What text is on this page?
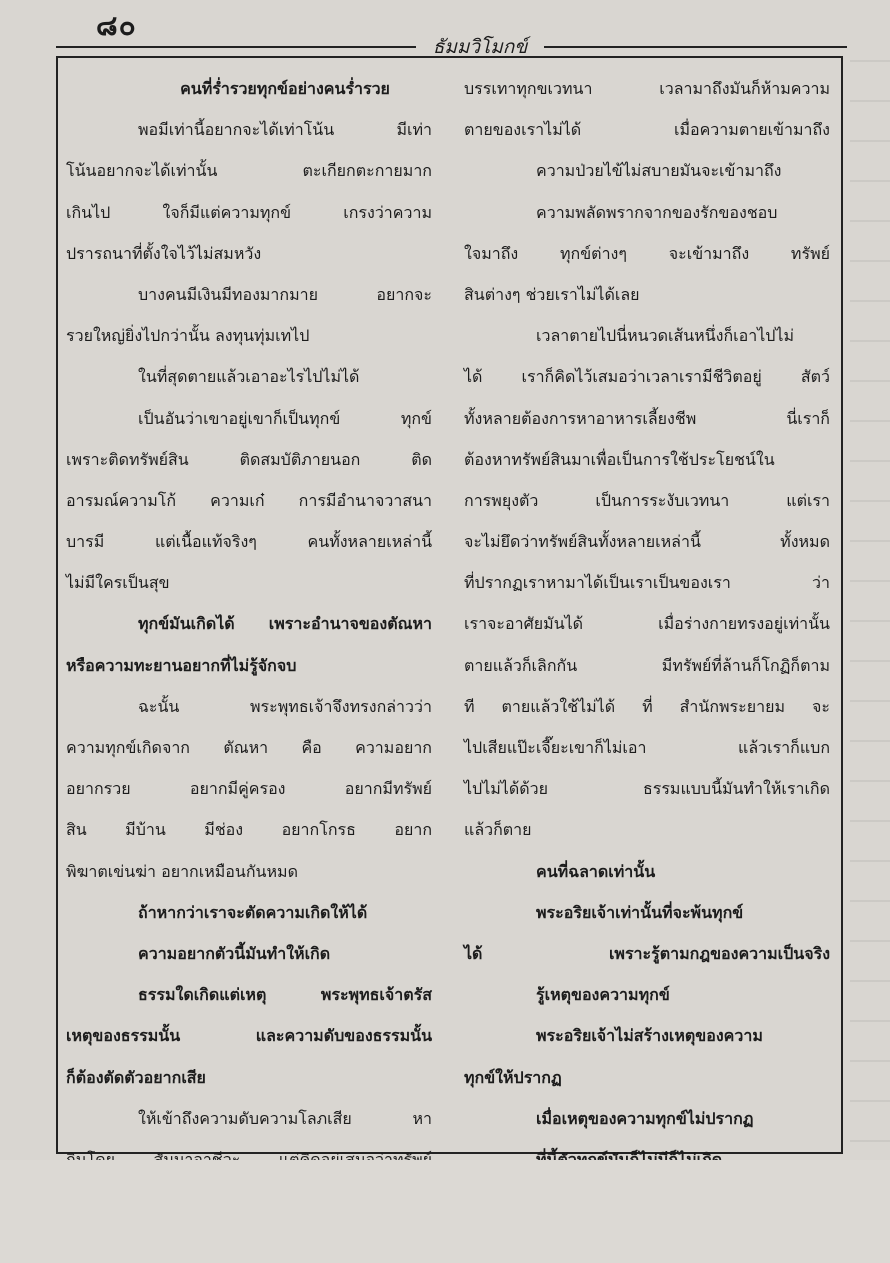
๘๐
ธัมมวิโมกข์
คนที่ร่ำรวยทุกข์อย่างคนร่ำรวย
พอมีเท่านี้อยากจะได้เท่าโน้น มีเท่า
โน้นอยากจะได้เท่านั้น ตะเกียกตะกายมาก
เกินไป ใจก็มีแต่ความทุกข์ เกรงว่าความ
ปรารถนาที่ตั้งใจไว้ไม่สมหวัง
บางคนมีเงินมีทองมากมาย อยากจะ
รวยใหญ่ยิ่งไปกว่านั้น ลงทุนทุ่มเทไป
ในที่สุดตายแล้วเอาอะไรไปไม่ได้
เป็นอันว่าเขาอยู่เขาก็เป็นทุกข์ ทุกข์
เพราะติดทรัพย์สิน ติดสมบัติภายนอก ติด
อารมณ์ความโก้ ความเก๋ การมีอำนาจวาสนา
บารมี แต่เนื้อแท้จริงๆ คนทั้งหลายเหล่านี้
ไม่มีใครเป็นสุข
ทุกข์มันเกิดได้ เพราะอำนาจของตัณหา
หรือความทะยานอยากที่ไม่รู้จักจบ
ฉะนั้น พระพุทธเจ้าจึงทรงกล่าวว่า
ความทุกข์เกิดจาก ตัณหา คือ ความอยาก
อยากรวย อยากมีคู่ครอง อยากมีทรัพย์
สิน มีบ้าน มีช่อง อยากโกรธ อยาก
พิฆาตเข่นฆ่า อยากเหมือนกันหมด
ถ้าหากว่าเราจะตัดความเกิดให้ได้
ความอยากตัวนี้มันทำให้เกิด
ธรรมใดเกิดแต่เหตุ พระพุทธเจ้าตรัส
เหตุของธรรมนั้น และความดับของธรรมนั้น
ก็ต้องตัดตัวอยากเสีย
ให้เข้าถึงความดับความโลภเสีย หา
บรรเทาทุกขเวทนา เวลามาถึงมันก็ห้ามความ
ตายของเราไม่ได้ เมื่อความตายเข้ามาถึง
ความป่วยไข้ไม่สบายมันจะเข้ามาถึง
ความพลัดพรากจากของรักของชอบ
ใจมาถึง ทุกข์ต่างๆ จะเข้ามาถึง ทรัพย์
สินต่างๆ ช่วยเราไม่ได้เลย
เวลาตายไปนี่หนวดเส้นหนึ่งก็เอาไปไม่
ได้ เราก็คิดไว้เสมอว่าเวลาเรามีชีวิตอยู่ สัตว์
ทั้งหลายต้องการหาอาหารเลี้ยงชีพ นี่เราก็
ต้องหาทรัพย์สินมาเพื่อเป็นการใช้ประโยชน์ใน
การพยุงตัว เป็นการระงับเวทนา แต่เรา
จะไม่ยึดว่าทรัพย์สินทั้งหลายเหล่านี้ ทั้งหมด
ที่ปรากฏเราหามาได้เป็นเราเป็นของเรา ว่า
เราจะอาศัยมันได้ เมื่อร่างกายทรงอยู่เท่านั้น
ตายแล้วก็เลิกกัน มีทรัพย์ที่ล้านก็โกฏิก็ตาม
ที ตายแล้วใช้ไม่ได้ ที่ สำนักพระยายม จะ
ไปเสียแป๊ะเจี๊ยะเขาก็ไม่เอา แล้วเราก็แบก
ไปไม่ได้ด้วย ธรรมแบบนี้มันทำให้เราเกิด
แล้วก็ตาย
คนที่ฉลาดเท่านั้น
พระอริยเจ้าเท่านั้นที่จะพ้นทุกข์
ได้ เพราะรู้ตามกฎของความเป็นจริง
รู้เหตุของความทุกข์
พระอริยเจ้าไม่สร้างเหตุของความ
ทุกข์ให้ปรากฏ
เมื่อเหตุของความทุกข์ไม่ปรากฏ
